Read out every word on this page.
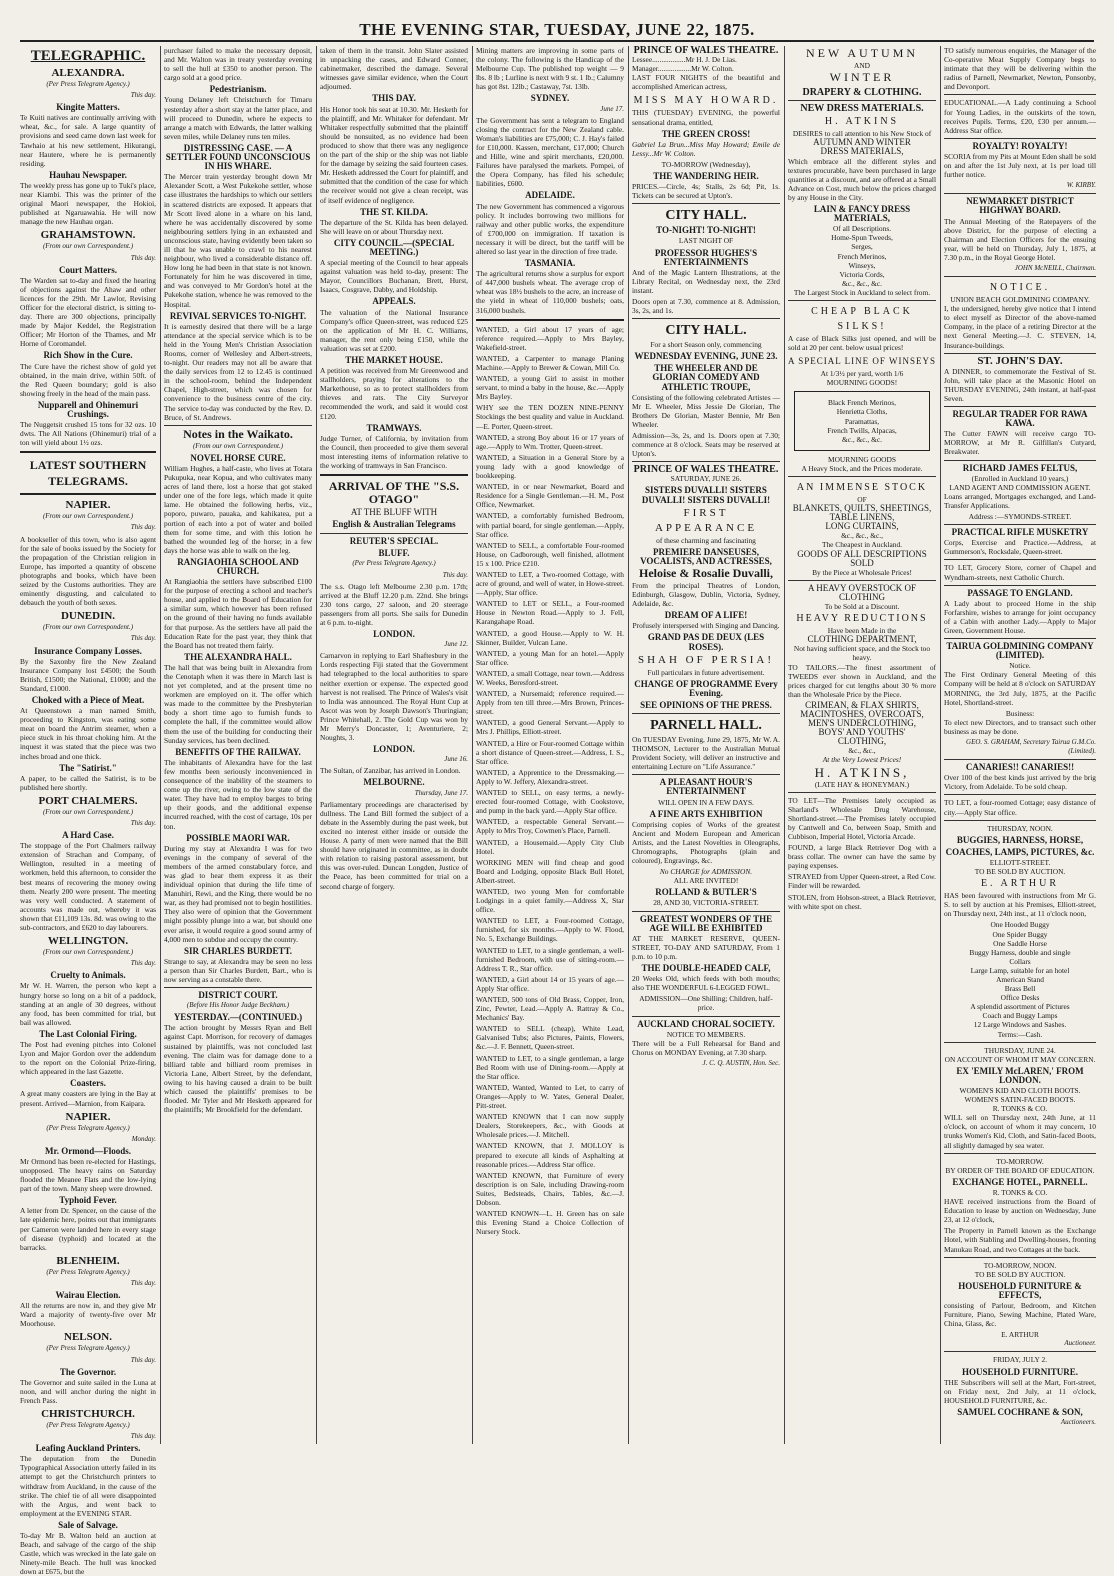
THE EVENING STAR, TUESDAY, JUNE 22, 1875.
TELEGRAPHIC.
ALEXANDRA.
(Per Press Telegram Agency.)
This day.
Kingite Matters.

Te Kuiti natives are continually arriving with wheat, &c., for sale. A large quantity of provisions and seed came down last week for Tawhaio at his new settlement, Hikurangi, near Hautere, where he is permanently residing.

Hauhau Newspaper.

The weekly press has gone up to Tuki's place, near Kiambi. This was the printer of the original Maori newspaper, the Hokioi, published at Ngaruawahia. He will now manage the new Hauhau organ.

GRAHAMSTOWN.
(From our own Correspondent.)
This day.
Court Matters.

The Warden sat to-day and fixed the hearing of objections against the Ahaw and other licences for the 29th. Mr Lawlor, Revising Officer for the electoral district, is sitting to-day. There are 300 objections, principally made by Major Keddel, the Registration Officer; Mr Horton of the Thames, and Mr Horne of Coromandel.

Rich Show in the Cure.

The Cure have the richest show of gold yet obtained, in the main drive, within 50ft. of the Red Queen boundary; gold is also showing freely in the head of the main pass.

Nupparell and Ohinemuri Crushings.

The Nuggetsit crushed 15 tons for 32 ozs. 10 dwts. The All Nations (Ohinemuri) trial of a ton will yield about 1½ ozs.

LATEST SOUTHERN TELEGRAMS.
NAPIER.
(From our own Correspondent.)
This day.

A bookseller of this town, who is also agent for the sale of books issued by the Society for the propagation of the Christian religion in Europe, has imported a quantity of obscene photographs and books, which have been seized by the Customs authorities. They are eminently disgusting, and calculated to debauch the youth of both sexes.

DUNEDIN.
(From our own Correspondent.)
This day.
Insurance Company Losses.

By the Saxonby fire the New Zealand Insurance Company lost £4500; the South British, £1500; the National, £1000; and the Standard, £1000.

Choked with a Piece of Meat.

At Queenstown a man named Smith, proceeding to Kingston, was eating some meat on board the Antrim steamer, when a piece stuck in his throat choking him. At the inquest it was stated that the piece was two inches broad and one thick.

The "Satirist."

A paper, to be called the Satirist, is to be published here shortly.

PORT CHALMERS.
(From our own Correspondent.)
This day.
A Hard Case.

The stoppage of the Port Chalmers railway extension of Strachan and Company, of Wellington, resulted in a meeting of workmen, held this afternoon, to consider the best means of recovering the money owing them. Nearly 200 were present. The meeting was very well conducted. A statement of accounts was made out, whereby it was shown that £11,109 13s. 8d. was owing to the sub-contractors, and £620 to day labourers.

WELLINGTON.
(From our own Correspondent.)
This day.
Cruelty to Animals.

Mr W. H. Warren, the person who kept a hungry horse so long on a bit of a paddock, standing at an angle of 30 degrees, without any food, has been committed for trial, but bail was allowed.

The Last Colonial Firing.

The Post had evening pitches into Colonel Lyon and Major Gordon over the addendum to the report on the Colonial Prize-firing, which appeared in the last Gazette.

Coasters.

A great many coasters are lying in the Bay at present. Arrived—Marnion, from Kaipara.

NAPIER.
(Per Press Telegram Agency.)
Monday.
Mr. Ormond—Floods.

Mr Ormond has been re-elected for Hastings, unopposed. The heavy rains on Saturday flooded the Meanee Flats and the low-lying part of the town. Many sheep were drowned.

Typhoid Fever.

A letter from Dr. Spencer, on the cause of the late epidemic here, points out that immigrants per Cameron were landed here in every stage of disease (typhoid) and located at the barracks.

BLENHEIM.
(Per Press Telegram Agency.)
This day.
Wairau Election.

All the returns are now in, and they give Mr Ward a majority of twenty-five over Mr Moorhouse.

NELSON.
(Per Press Telegram Agency.)
This day.
The Governor.

The Governor and suite sailed in the Luna at noon, and will anchor during the night in French Pass.

CHRISTCHURCH.
(Per Press Telegram Agency.)
This day.
Leafing Auckland Printers.

The deputation from the Dunedin Typographical Association utterly failed in its attempt to get the Christchurch printers to withdraw from Auckland, in the cause of the strike. The chief tie of all were disappointed with the Argus, and went back to employment at the EVENING STAR.

Sale of Salvage.

To-day Mr B. Walton held an auction at Beach, and salvage of the cargo of the ship Castle, which was wrecked in the late gale on Ninety-mile Beach. The hull was knocked down at £675, but the

purchaser failed to make the necessary deposit, and Mr. Walton was in treaty yesterday evening to sell the hull at £350 to another person. The cargo sold at a good price.

Pedestrianism.

Young Delaney left Christchurch for Timaru yesterday after a short stay at the latter place, and will proceed to Dunedin, where he expects to arrange a match with Edwards, the latter walking seven miles, while Delaney runs ten miles.

DISTRESSING CASE. — A SETTLER FOUND UNCONSCIOUS IN HIS WHARE.

The Mercer train yesterday brought down Mr Alexander Scott, a West Pukekohe settler, whose case illustrates the hardships to which our settlers in scattered districts are exposed. It appears that Mr Scott lived alone in a whare on his land, where he was accidentally discovered by some neighbouring settlers lying in an exhausted and unconscious state, having evidently been taken so ill that he was unable to crawl to his nearest neighbour, who lived a considerable distance off. How long he had been in that state is not known. Fortunately for him he was discovered in time, and was conveyed to Mr Gordon's hotel at the Pukekohe station, whence he was removed to the Hospital.

REVIVAL SERVICES TO-NIGHT.

It is earnestly desired that there will be a large attendance at the special service which is to be held in the Young Men's Christian Association Rooms, corner of Wellesley and Albert-streets, to-night. Our readers may not all be aware that the daily services from 12 to 12.45 is continued in the school-room, behind the Independent Chapel, High-street, which was chosen for convenience to the business centre of the city. The service to-day was conducted by the Rev. D. Bruce, of St. Andrews.

Notes in the Waikato.
(From our own Correspondent.)
NOVEL HORSE CURE.

William Hughes, a half-caste, who lives at Totara Pukupuka, near Kopua, and who cultivates many acres of land there, lost a horse that got staked under one of the fore legs, which made it quite lame. He obtained the following herbs, viz., poporo, puwaro, pauaka, and kahikatea, put a portion of each into a pot of water and boiled them for some time, and with this lotion he bathed the wounded leg of the horse; in a few days the horse was able to walk on the leg.

RANGIAOHIA SCHOOL AND CHURCH.

At Rangiaohia the settlers have subscribed £100 for the purpose of erecting a school and teacher's house, and applied to the Board of Education for a similar sum, which however has been refused on the ground of their having no funds available for that purpose. As the settlers have all paid the Education Rate for the past year, they think that the Board has not treated them fairly.

THE ALEXANDRA HALL.

The hall that was being built in Alexandra from the Cenotaph when it was there in March last is not yet completed, and at the present time no workmen are employed on it. The offer which was made to the committee by the Presbyterian body a short time ago to furnish funds to complete the hall, if the committee would allow them the use of the building for conducting their Sunday services, has been declined.

BENEFITS OF THE RAILWAY.

The inhabitants of Alexandra have for the last few months been seriously inconvenienced in consequence of the inability of the steamers to come up the river, owing to the low state of the water. They have had to employ barges to bring up their goods, and the additional expense incurred reached, with the cost of cartage, 10s per ton.

POSSIBLE MAORI WAR.

During my stay at Alexandra I was for two evenings in the company of several of the members of the armed constabulary force, and was glad to hear them express it as their individual opinion that during the life time of Manuhiri, Rewi, and the King, there would be no war, as they had promised not to begin hostilities. They also were of opinion that the Government might possibly plunge into a war, but should one ever arise, it would require a good sound army of 4,000 men to subdue and occupy the country.

SIR CHARLES BURDETT.

Strange to say, at Alexandra may be seen no less a person than Sir Charles Burdett, Bart., who is now serving as a constable there.

DISTRICT COURT.
(Before His Honor Judge Beckham.)
YESTERDAY.—(CONTINUED.)

The action brought by Messrs Ryan and Bell against Capt. Morrison, for recovery of damages sustained by plaintiffs, was not concluded last evening. The claim was for damage done to a billiard table and billiard room premises in Victoria Lane, Albert Street, by the defendant, owing to his having caused a drain to be built which caused the plaintiffs' premises to be flooded. Mr Tyler and Mr Hesketh appeared for the plaintiffs; Mr Brookfield for the defendant.

taken of them in the transit. John Slater assisted in unpacking the cases, and Edward Conner, cabinetmaker, described the damage. Several witnesses gave similar evidence, when the Court adjourned.

THIS DAY.

His Honor took his seat at 10.30. Mr. Hesketh for the plaintiff, and Mr. Whitaker for defendant. Mr Whitaker respectfully submitted that the plaintiff should be nonsuited, as no evidence had been produced to show that there was any negligence on the part of the ship or the ship was not liable for the damage by seizing the said fourteen cases. Mr. Hesketh addressed the Court for plaintiff, and submitted that the condition of the case for which the receiver would not give a clean receipt, was of itself evidence of negligence.

THE ST. KILDA.

The departure of the St. Kilda has been delayed. She will leave on or about Thursday next.

CITY COUNCIL.—(SPECIAL MEETING.)

A special meeting of the Council to hear appeals against valuation was held to-day, present: The Mayor, Councillors Buchanan, Brett, Hurst, Isaacs, Cosgrave, Dabby, and Holdship.

APPEALS.

The valuation of the National Insurance Company's office Queen-street, was reduced £25 on the application of Mr H. C. Williams, manager, the rent only being £150, while the valuation was set at £200.

THE MARKET HOUSE.

A petition was received from Mr Greenwood and stallholders, praying for alterations to the Markethouse, so as to protect stallholders from thieves and rats. The City Surveyor recommended the work, and said it would cost £120.

TRAMWAYS.

Judge Turner, of California, by invitation from the Council, then proceeded to give them several most interesting items of information relative to the working of tramways in San Francisco.

ARRIVAL OF THE "S.S. OTAGO"
AT THE BLUFF WITH
English & Australian Telegrams
REUTER'S SPECIAL.
BLUFF.
(Per Press Telegram Agency.)
This day.

The s.s. Otago left Melbourne 2.30 p.m. 17th; arrived at the Bluff 12.20 p.m. 22nd. She brings 230 tons cargo, 27 saloon, and 20 steerage passengers from all ports. She sails for Dunedin at 6 p.m. to-night.

LONDON.
June 12.

Carnarvon in replying to Earl Shaftesbury in the Lords respecting Fiji stated that the Government had telegraphed to the local authorities to spare neither exertion or expense. The expected good harvest is not realised. The Prince of Wales's visit to India was announced. The Royal Hunt Cup at Ascot was won by Joseph Dawson's Thuringian; Prince Whitehall, 2. The Gold Cup was won by Mr Merry's Doncaster, 1; Aventuriere, 2; Noughts, 3.

LONDON.
June 16.

The Sultan, of Zanzibar, has arrived in London.

MELBOURNE.
Thursday, June 17.

Parliamentary proceedings are characterised by dullness. The Land Bill formed the subject of a debate in the Assembly during the past week, but excited no interest either inside or outside the House. A party of men were named that the Bill should have originated in committee, as in doubt with relation to raising pastoral assessment, but this was over-ruled. Duncan Longden, Justice of the Peace, has been committed for trial on a second charge of forgery.

Mining matters are improving in some parts of the colony. The following is the Handicap of the Melbourne Cup. The published top weight — 9 lbs. 8 lb ; Lurline is next with 9 st. 1 lb.; Calumny has got 8st. 12lb.; Castaway, 7st. 13lb.

SYDNEY.
June 17.

The Government has sent a telegram to England closing the contract for the New Zealand cable. Woman's liabilities are £75,000; C. J. Hay's failed for £10,000. Kassen, merchant, £17,000; Church and Hille, wine and spirit merchants, £20,000. Failures have paralysed the markets. Pompei, of the Opera Company, has filed his schedule; liabilities, £600.

ADELAIDE.

The new Government has commenced a vigorous policy. It includes borrowing two millions for railway and other public works, the expenditure of £700,000 on immigration. If taxation is necessary it will be direct, but the tariff will be altered so last year in the direction of free trade.

TASMANIA.

The agricultural returns show a surplus for export of 447,000 bushels wheat. The average crop of wheat was 18½ bushels to the acre, an increase of the yield in wheat of 110,000 bushels; oats, 316,000 bushels.

WANTED, a Girl about 17 years of age; reference required.—Apply to Mrs Bayley, Wakefield-street.
WANTED, a Carpenter to manage Planing Machine.—Apply to Brewer & Cowan, Mill Co.
WANTED, a young Girl to assist in mother servant, to mind a baby in the house, &c.—Apply Mrs Bayley.
WHY see the TEN DOZEN NINE-PENNY Stockings the best quality and value in Auckland.—E. Porter, Queen-street.
WANTED, a strong Boy about 16 or 17 years of age.—Apply to Wm. Trotter, Queen-street.
WANTED, a Situation in a General Store by a young lady with a good knowledge of bookkeeping.
WANTED, in or near Newmarket, Board and Residence for a Single Gentleman.—H. M., Post Office, Newmarket.
WANTED, a comfortably furnished Bedroom, with partial board, for single gentleman.—Apply, Star office.
WANTED to SELL, a comfortable Four-roomed House, on Cadborough, well finished, allotment 15 x 100. Price £210.
WANTED to LET, a Two-roomed Cottage, with acre of ground, and well of water, in Howe-street.—Apply, Star office.
WANTED to LET or SELL, a Four-roomed House in Newton Road.—Apply to J. Fell, Karangahape Road.
WANTED, a good House.—Apply to W. H. Skinner, Builder, Vulcan Lane.
WANTED, a young Man for an hotel.—Apply Star office.
WANTED, a small Cottage, near town.—Address W. Weeks, Beresford-street.
WANTED, a Nursemaid; reference required.—Apply from ten till three.—Mrs Brown, Princes-street.
WANTED, a good General Servant.—Apply to Mrs J. Phillips, Elliott-street.
WANTED, a Hire or Four-roomed Cottage within a short distance of Queen-street.—Address, I. S., Star office.
WANTED, a Apprentice to the Dressmaking.—Apply to W. Jeffery, Alexandra-street.
WANTED to SELL, on easy terms, a newly-erected four-roomed Cottage, with Cookstove, and pump in the back yard.—Apply Star office.
WANTED, a respectable General Servant.—Apply to Mrs Troy, Cowmen's Place, Parnell.
WANTED, a Housemaid.—Apply City Club Hotel.
WORKING MEN will find cheap and good Board and Lodging, opposite Black Bull Hotel, Albert-street.
WANTED, two young Men for comfortable Lodgings in a quiet family.—Address X, Star office.
WANTED to LET, a Four-roomed Cottage, furnished, for six months.—Apply to W. Flood, No. 5, Exchange Buildings.
WANTED to LET, to a single gentleman, a well-furnished Bedroom, with use of sitting-room.—Address T. R., Star office.
WANTED, a Girl about 14 or 15 years of age.—Apply Star office.
WANTED, 500 tons of Old Brass, Copper, Iron, Zinc, Pewter, Lead.—Apply A. Rattray & Co., Mechanics' Bay.
WANTED to SELL (cheap), White Lead, Galvanised Tubs; also Pictures, Paints, Flowers, &c.—J. F. Bennett, Queen-street.
WANTED to LET, to a single gentleman, a large Bed Room with use of Dining-room.—Apply at the Star office.
WANTED, Wanted, Wanted to Let, to carry of Oranges—Apply to W. Yates, General Dealer, Pitt-street.
WANTED KNOWN that I can now supply Dealers, Storekeepers, &c., with Goods at Wholesale prices.—J. Mitchell.
WANTED KNOWN, that J. MOLLOY is prepared to execute all kinds of Asphalting at reasonable prices.—Address Star office.
WANTED KNOWN, that Furniture of every description is on Sale, including Drawing-room Suites, Bedsteads, Chairs, Tables, &c.—J. Dobson.
WANTED KNOWN—L. H. Green has on sale this Evening Stand a Choice Collection of Nursery Stock.
PRINCE OF WALES THEATRE.
Lessee..................Mr H. J. De Lias.
Manager..................Mr W. Colton.

LAST FOUR NIGHTS of the beautiful and accomplished American actress,

MISS MAY HOWARD.

THIS (TUESDAY) EVENING, the powerful sensational drama, entitled,

THE GREEN CROSS!

Gabriel La Brun...Miss May Howard; Emile de Lessy...Mr W. Colton.

TO-MORROW (Wednesday),
THE WANDERING HEIR.

PRICES.—Circle, 4s; Stalls, 2s 6d; Pit, 1s. Tickets can be secured at Upton's.

CITY HALL.
TO-NIGHT! TO-NIGHT!
LAST NIGHT OF
PROFESSOR HUGHES'S ENTERTAINMENTS

And of the Magic Lantern Illustrations, at the Library Recital, on Wednesday next, the 23rd instant.

Doors open at 7.30, commence at 8. Admission, 3s, 2s, and 1s.

CITY HALL.
For a short Season only, commencing
WEDNESDAY EVENING, JUNE 23.
THE WHEELER AND DE GLORIAN COMEDY AND ATHLETIC TROUPE,

Consisting of the following celebrated Artistes — Mr E. Wheeler, Miss Jessie De Glorian, The Brothers De Glorian, Master Bennie, Mr Ben Wheeler.

Admission—3s, 2s, and 1s. Doors open at 7.30; commence at 8 o'clock. Seats may be reserved at Upton's.

PRINCE OF WALES THEATRE.
SATURDAY, JUNE 26.
SISTERS DUVALLI! SISTERS DUVALLI! SISTERS DUVALLI!
FIRST APPEARANCE
of these charming and fascinating
PREMIERE DANSEUSES, VOCALISTS, AND ACTRESSES,
Heloise & Rosalie Duvalli,

From the principal Theatres of London, Edinburgh, Glasgow, Dublin, Victoria, Sydney, Adelaide, &c.

DREAM OF A LIFE!
Profusely interspersed with Singing and Dancing.
GRAND PAS DE DEUX (LES ROSES).
SHAH OF PERSIA!
Full particulars in future advertisement.
CHANGE OF PROGRAMME Every Evening.
SEE OPINIONS OF THE PRESS.
PARNELL HALL.

On TUESDAY Evening, June 29, 1875, Mr W. A. THOMSON, Lecturer to the Australian Mutual Provident Society, will deliver an instructive and entertaining Lecture on "Life Assurance."

A PLEASANT HOUR'S ENTERTAINMENT
WILL OPEN IN A FEW DAYS.
A FINE ARTS EXHIBITION

Comprising copies of Works of the greatest Ancient and Modern European and American Artists, and the Latest Novelties in Oleographs, Chromographs, Photographs (plain and coloured), Engravings, &c.

No CHARGE for ADMISSION.
ALL ARE INVITED!
ROLLAND & BUTLER'S
28, AND 30, VICTORIA-STREET.
GREATEST WONDERS OF THE AGE WILL BE EXHIBITED

AT THE MARKET RESERVE, QUEEN-STREET, TO-DAY AND SATURDAY, From 1 p.m. to 10 p.m.

THE DOUBLE-HEADED CALF,

20 Weeks Old, which feeds with both mouths; also THE WONDERFUL 6-LEGGED FOWL.

ADMISSION—One Shilling; Children, half-price.
AUCKLAND CHORAL SOCIETY.
NOTICE TO MEMBERS.

There will be a Full Rehearsal for Band and Chorus on MONDAY Evening, at 7.30 sharp.

J. C. Q. AUSTIN, Hon. Sec.
NEW AUTUMN
AND
WINTER
DRAPERY & CLOTHING.
NEW DRESS MATERIALS.
H. ATKINS
DESIRES to call attention to his New Stock of
AUTUMN AND WINTER
DRESS MATERIALS,

Which embrace all the different styles and textures procurable, have been purchased in large quantities at a discount, and are offered at a Small Advance on Cost, much below the prices charged by any House in the City.

LAIN & FANCY DRESS MATERIALS,
Of all Descriptions.
Home-Spun Tweeds,
Serges,
French Merinos,
Winseys,
Victoria Cords,
&c., &c., &c.
The Largest Stock in Auckland to select from.
CHEAP BLACK SILKS!

A case of Black Silks just opened, and will be sold at 20 per cent. below usual prices!

A SPECIAL LINE OF WINSEYS
At 1/3½ per yard, worth 1/6
MOURNING GOODS!
Black French Merinos,
Henrietta Cloths,
Paramattas,
French Twills, Alpacas,
&c., &c., &c.
MOURNING GOODS
A Heavy Stock, and the Prices moderate.
AN IMMENSE STOCK
OF
BLANKETS, QUILTS, SHEETINGS,
TABLE LINENS,
LONG CURTAINS,
&c., &c., &c.,
The Cheapest in Auckland.
GOODS OF ALL DESCRIPTIONS SOLD
By the Piece at Wholesale Prices!
A HEAVY OVERSTOCK OF CLOTHING
To be Sold at a Discount.
HEAVY REDUCTIONS
Have been Made in the
CLOTHING DEPARTMENT,
Not having sufficient space, and the Stock too heavy.

TO TAILORS.—The finest assortment of TWEEDS ever shown in Auckland, and the prices charged for cut lengths about 30 % more than the Wholesale Price by the Piece.

CRIMEAN, & FLAX SHIRTS,
MACINTOSHES, OVERCOATS,
MEN'S UNDERCLOTHING,
BOYS' AND YOUTHS'
CLOTHING,
&c., &c.,
At the Very Lowest Prices!
H. ATKINS,
(LATE HAY & HONEYMAN.)

TO LET—The Premises lately occupied as Sharland's Wholesale Drug Warehouse, Shortland-street.—The Premises lately occupied by Cantwell and Co, between Soap, Smith and Cubbison, Imperial Hotel, Victoria Arcade.

FOUND, a large Black Retriever Dog with a brass collar. The owner can have the same by paying expenses.

STRAYED from Upper Queen-street, a Red Cow. Finder will be rewarded.

STOLEN, from Hobson-street, a Black Retriever, with white spot on chest.

TO satisfy numerous enquiries, the Manager of the Co-operative Meat Supply Company begs to intimate that they will be delivering within the radius of Parnell, Newmarket, Newton, Ponsonby, and Devonport.

EDUCATIONAL.—A Lady continuing a School for Young Ladies, in the outskirts of the town, receives Pupils. Terms, £20, £30 per annum.—Address Star office.

ROYALTY! ROYALTY!

SCORIA from my Pits at Mount Eden shall be sold on and after the 1st July next, at 1s per load till further notice.

W. KIRBY.
NEWMARKET DISTRICT HIGHWAY BOARD.

The Annual Meeting of the Ratepayers of the above District, for the purpose of electing a Chairman and Election Officers for the ensuing year, will be held on Thursday, July 1, 1875, at 7.30 p.m., in the Royal George Hotel.

JOHN McNEILL, Chairman.
NOTICE.
UNION BEACH GOLDMINING COMPANY.

I, the undersigned, hereby give notice that I intend to elect myself as Director of the above-named Company, in the place of a retiring Director at the next General Meeting.—J. C. STEVEN, 14, Insurance-buildings.

ST. JOHN'S DAY.

A DINNER, to commemorate the Festival of St. John, will take place at the Masonic Hotel on THURSDAY EVENING, 24th instant, at half-past Seven.

REGULAR TRADER FOR RAWA KAWA.

The Cutter FAWN will receive cargo TO-MORROW, at Mr R. Gilfillan's Cutyard, Breakwater.

RICHARD JAMES FELTUS,
(Enrolled in Auckland 10 years,)
LAND AGENT AND COMMISSION AGENT.

Loans arranged, Mortgages exchanged, and Land-Transfer Applications.

Address :—SYMONDS-STREET.
PRACTICAL RIFLE MUSKETRY

Corps, Exercise and Practice.—Address, at Gummerson's, Rocksdale, Queen-street.

TO LET, Grocery Store, corner of Chapel and Wyndham-streets, next Catholic Church.

PASSAGE TO ENGLAND.

A Lady about to proceed Home in the ship Forfarshire, wishes to arrange for joint occupancy of a Cabin with another Lady.—Apply to Major Green, Government House.

TAIRUA GOLDMINING COMPANY (LIMITED).
Notice.

The First Ordinary General Meeting of this Company will be held at 8 o'clock on SATURDAY MORNING, the 3rd July, 1875, at the Pacific Hotel, Shortland-street.

Business:

To elect new Directors, and to transact such other business as may be done.

GEO. S. GRAHAM, Secretary Tairua G.M.Co. (Limited).
CANARIES!! CANARIES!!

Over 100 of the best kinds just arrived by the brig Victory, from Adelaide. To be sold cheap.

TO LET, a four-roomed Cottage; easy distance of city.—Apply Star office.

THURSDAY, NOON.
BUGGIES, HARNESS, HORSE,
COACHES, LAMPS, PICTURES, &c.
ELLIOTT-STREET.
TO BE SOLD BY AUCTION.
E. ARTHUR

HAS been favoured with instructions from Mr G. S. to sell by auction at his Premises, Elliott-street, on Thursday next, 24th inst., at 11 o'clock noon,

One Hooded Buggy
One Spider Buggy
One Saddle Horse
Buggy Harness, double and single
Collars
Large Lamp, suitable for an hotel
American Stand
Brass Bell
Office Desks
A splendid assortment of Pictures
Coach and Buggy Lamps
12 Large Windows and Sashes.
Terms:—Cash.
THURSDAY, JUNE 24.
ON ACCOUNT OF WHOM IT MAY CONCERN.
EX 'EMILY McLAREN,' FROM LONDON.
WOMEN'S KID AND CLOTH BOOTS.
WOMEN'S SATIN-FACED BOOTS.
R. TONKS & CO.

WILL sell on Thursday next, 24th June, at 11 o'clock, on account of whom it may concern, 10 trunks Women's Kid, Cloth, and Satin-faced Boots, all slightly damaged by sea water.

TO-MORROW.
BY ORDER OF THE BOARD OF EDUCATION.
EXCHANGE HOTEL, PARNELL.
R. TONKS & CO.

HAVE received instructions from the Board of Education to lease by auction on Wednesday, June 23, at 12 o'clock,

The Property in Parnell known as the Exchange Hotel, with Stabling and Dwelling-houses, fronting Manukau Road, and two Cottages at the back.

TO-MORROW, NOON.
TO BE SOLD BY AUCTION.
HOUSEHOLD FURNITURE & EFFECTS,

consisting of Parlour, Bedroom, and Kitchen Furniture, Piano, Sewing Machine, Plated Ware, China, Glass, &c.

E. ARTHUR
Auctioneer.
FRIDAY, JULY 2.
HOUSEHOLD FURNITURE.

THE Subscribers will sell at the Mart, Fort-street, on Friday next, 2nd July, at 11 o'clock, HOUSEHOLD FURNITURE, &c.

SAMUEL COCHRANE & SON,
Auctioneers.
